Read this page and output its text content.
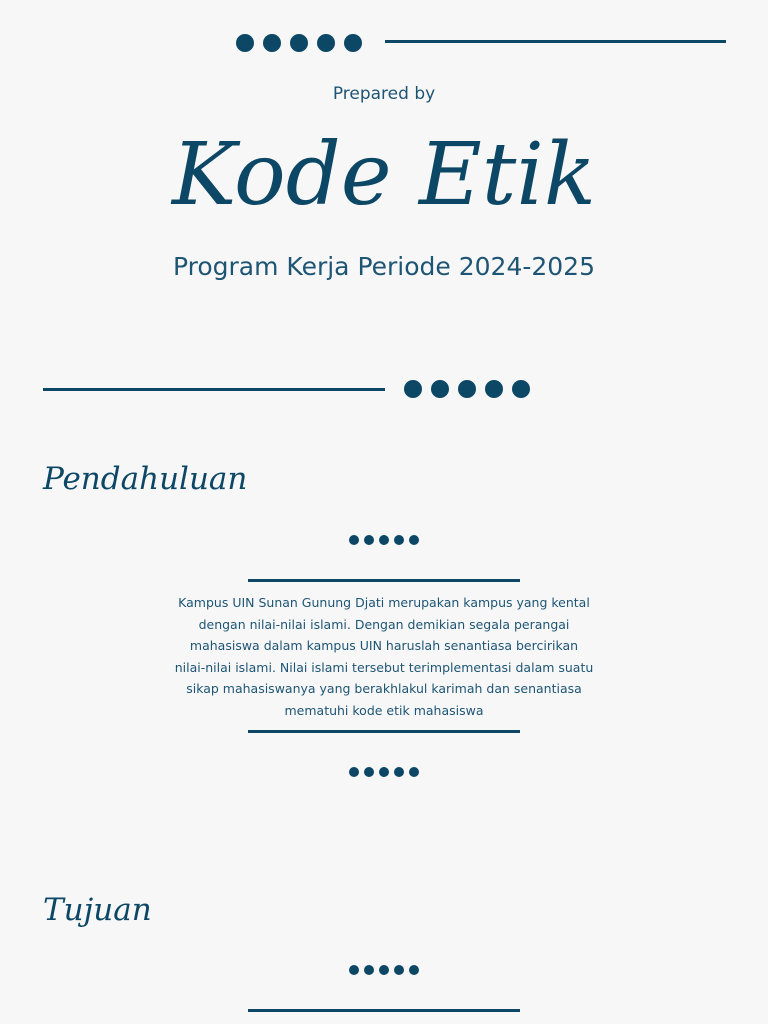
Prepared by
Kode Etik
Program Kerja Periode 2024-2025
Pendahuluan
Kampus UIN Sunan Gunung Djati merupakan kampus yang kental dengan nilai-nilai islami. Dengan demikian segala perangai mahasiswa dalam kampus UIN haruslah senantiasa bercirikan nilai-nilai islami. Nilai islami tersebut terimplementasi dalam suatu sikap mahasiswanya yang berakhlakul karimah dan senantiasa mematuhi kode etik mahasiswa
Tujuan
